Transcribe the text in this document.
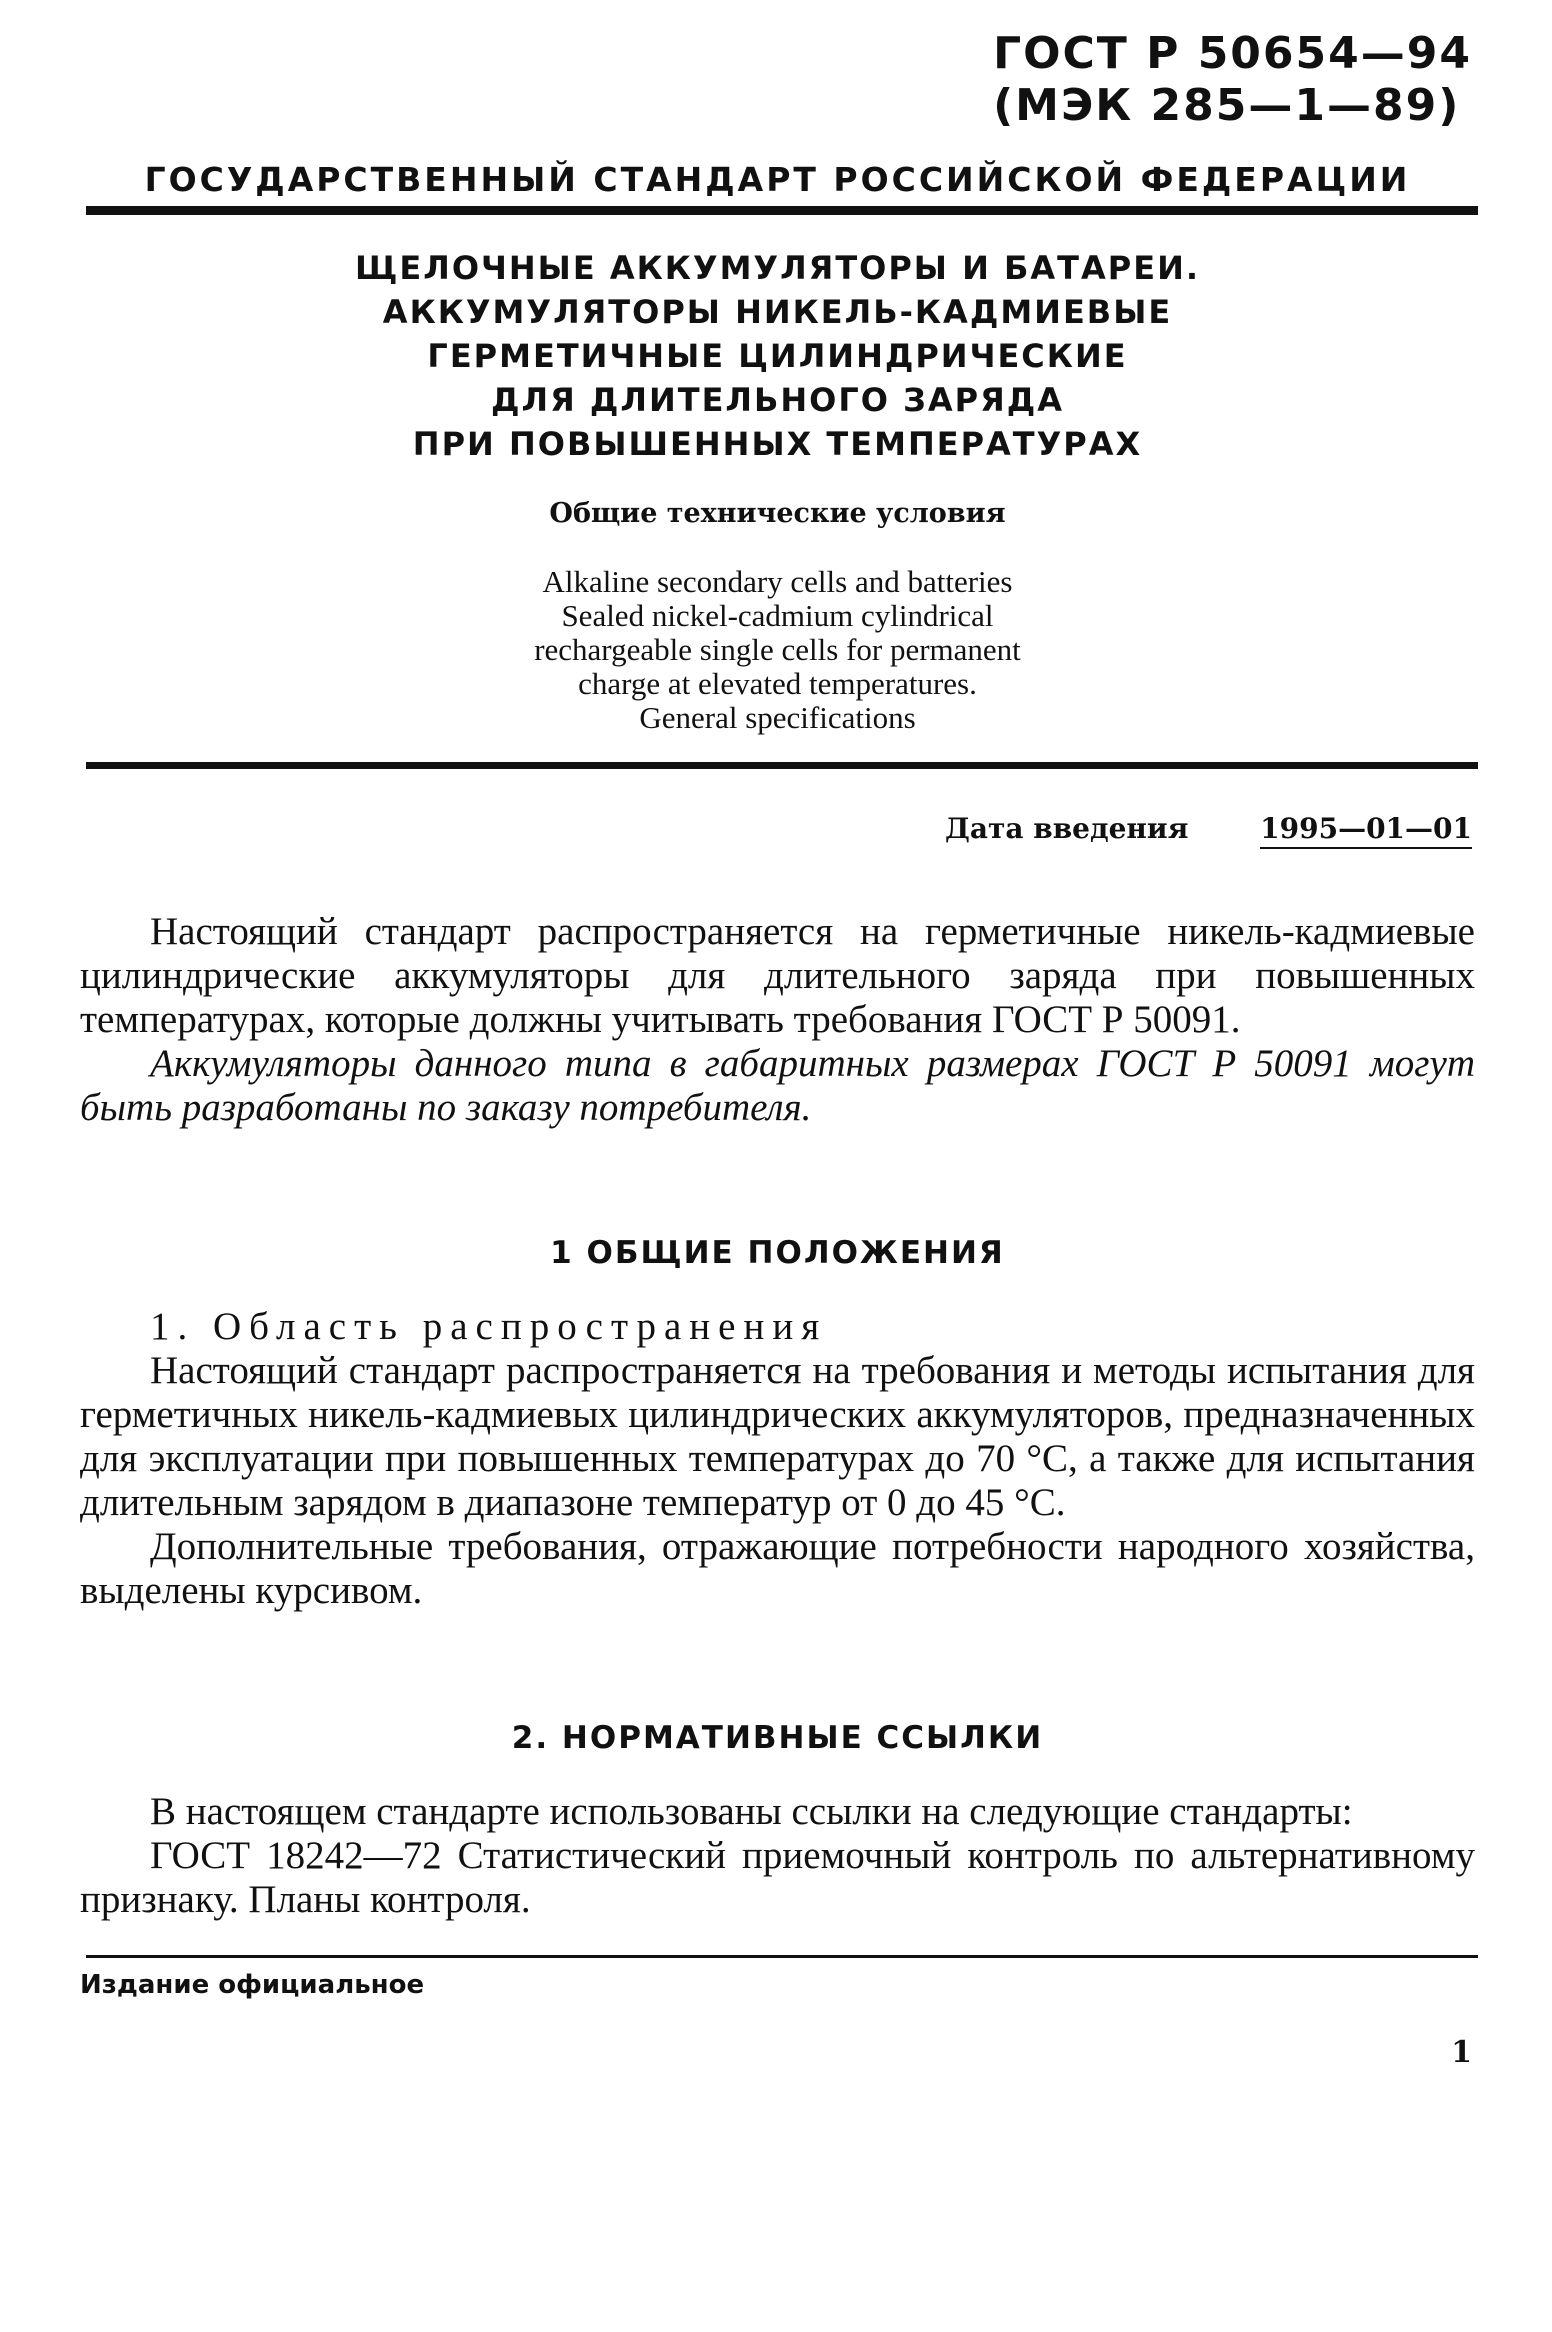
ГОСТ Р 50654—94
(МЭК 285—1—89)
ГОСУДАРСТВЕННЫЙ СТАНДАРТ РОССИЙСКОЙ ФЕДЕРАЦИИ
ЩЕЛОЧНЫЕ АККУМУЛЯТОРЫ И БАТАРЕИ.
АККУМУЛЯТОРЫ НИКЕЛЬ-КАДМИЕВЫЕ
ГЕРМЕТИЧНЫЕ ЦИЛИНДРИЧЕСКИЕ
ДЛЯ ДЛИТЕЛЬНОГО ЗАРЯДА
ПРИ ПОВЫШЕННЫХ ТЕМПЕРАТУРАХ
Общие технические условия
Alkaline secondary cells and batteries
Sealed nickel-cadmium cylindrical
rechargeable single cells for permanent
charge at elevated temperatures.
General specifications
Дата введения	1995—01—01

Настоящий стандарт распространяется на герметичные никель-кадмиевые цилиндрические аккумуляторы для длительного заряда при повышенных температурах, которые должны учитывать требования ГОСТ Р 50091.

Аккумуляторы данного типа в габаритных размерах ГОСТ Р 50091 могут быть разработаны по заказу потребителя.

1 ОБЩИЕ ПОЛОЖЕНИЯ

1. Область распространения

Настоящий стандарт распространяется на требования и методы испытания для герметичных никель-кадмиевых цилиндрических аккумуляторов, предназначенных для эксплуатации при повышенных температурах до 70 °С, а также для испытания длительным зарядом в диапазоне температур от 0 до 45 °С.

Дополнительные требования, отражающие потребности народного хозяйства, выделены курсивом.

2. НОРМАТИВНЫЕ ССЫЛКИ

В настоящем стандарте использованы ссылки на следующие стандарты:

ГОСТ 18242—72 Статистический приемочный контроль по альтернативному признаку. Планы контроля.

Издание официальное
1
